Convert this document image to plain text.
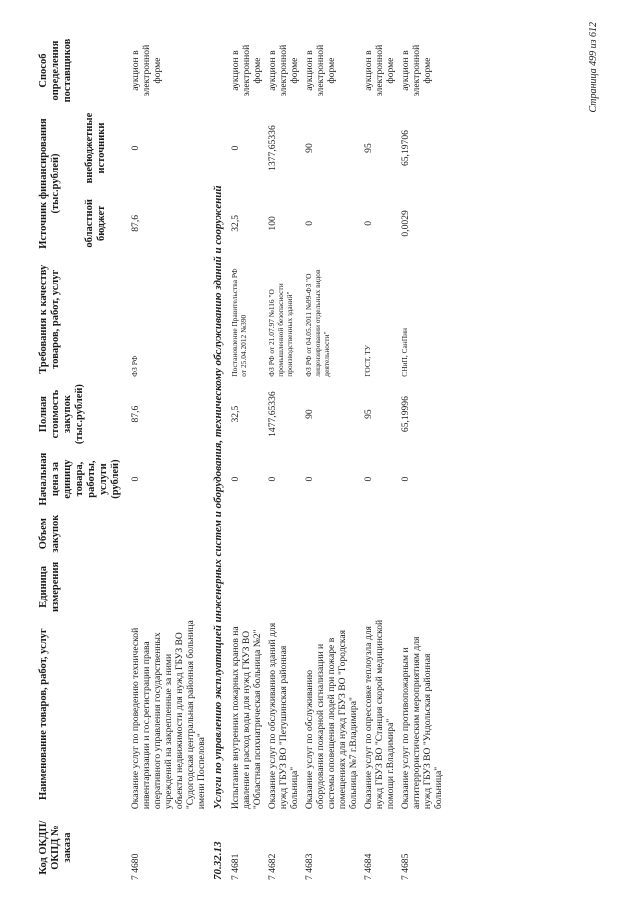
Код ОКДП/ ОКПД № заказа	Наименование товаров, работ, услуг	Единица измерения	Объем закупок	Начальная цена за единицу товара, работы, услуги (рублей)	Полная стоимость закупок (тыс.рублей)	Требования к качеству товаров, работ, услуг	Источник финансирования (тыс.рублей)		Способ определения поставщиков
							областной бюджет	внебюджетные источники	
7 4680	Оказание услуг по проведению технической инвентаризации и гос.регистрации права оперативного управления государственных учреждений на закрепленные за ними объекты недвижимости для нужд ГБУЗ ВО "Судогодская центральная районная больница имени Поспелова"			0	87,6	ФЗ РФ	87,6	0	аукцион в электронной форме
70.32.13	Услуги по управлению эксплуатацией инженерных систем и оборудования, техническому обслуживанию зданий и сооружений								
7 4681	Испытание внутренних пожарных кранов на давление и расход воды для нужд ГКУЗ ВО "Областная психиатрическая больница №2"			0	32,5	Постановление Правительства РФ от 25.04.2012 №390	32,5	0	аукцион в электронной форме
7 4682	Оказание услуг по обслуживанию зданий для нужд ГБУЗ ВО "Петушинская районная больница"			0	1477,65336	ФЗ РФ от 21.07.97 №116 "О промышленной безопасности производственных зданий"	100	1377,65336	аукцион в электронной форме
7 4683	Оказание услуг по обслуживанию оборудования пожарной сигнализации и системы оповещения людей при пожаре в помещениях для нужд ГБУЗ ВО "Городская больница №7 г.Владимира"			0	90	ФЗ РФ от 04.05.2011 №99-ФЗ "О лицензировании отдельных видов деятельности"	0	90	аукцион в электронной форме
7 4684	Оказание услуг по опрессовке теплоузла для нужд ГБУЗ ВО "Станция скорой медицинской помощи г.Владимира"			0	95	ГОСТ, ТУ	0	95	аукцион в электронной форме
7 4685	Оказание услуг по противопожарным и антитеррористическим мероприятиям для нужд ГБУЗ ВО "Ундольская районная больница"			0	65,19996	СНиП, СанПин	0,0029	65,19706	аукцион в электронной форме	Страница 499 из 612
